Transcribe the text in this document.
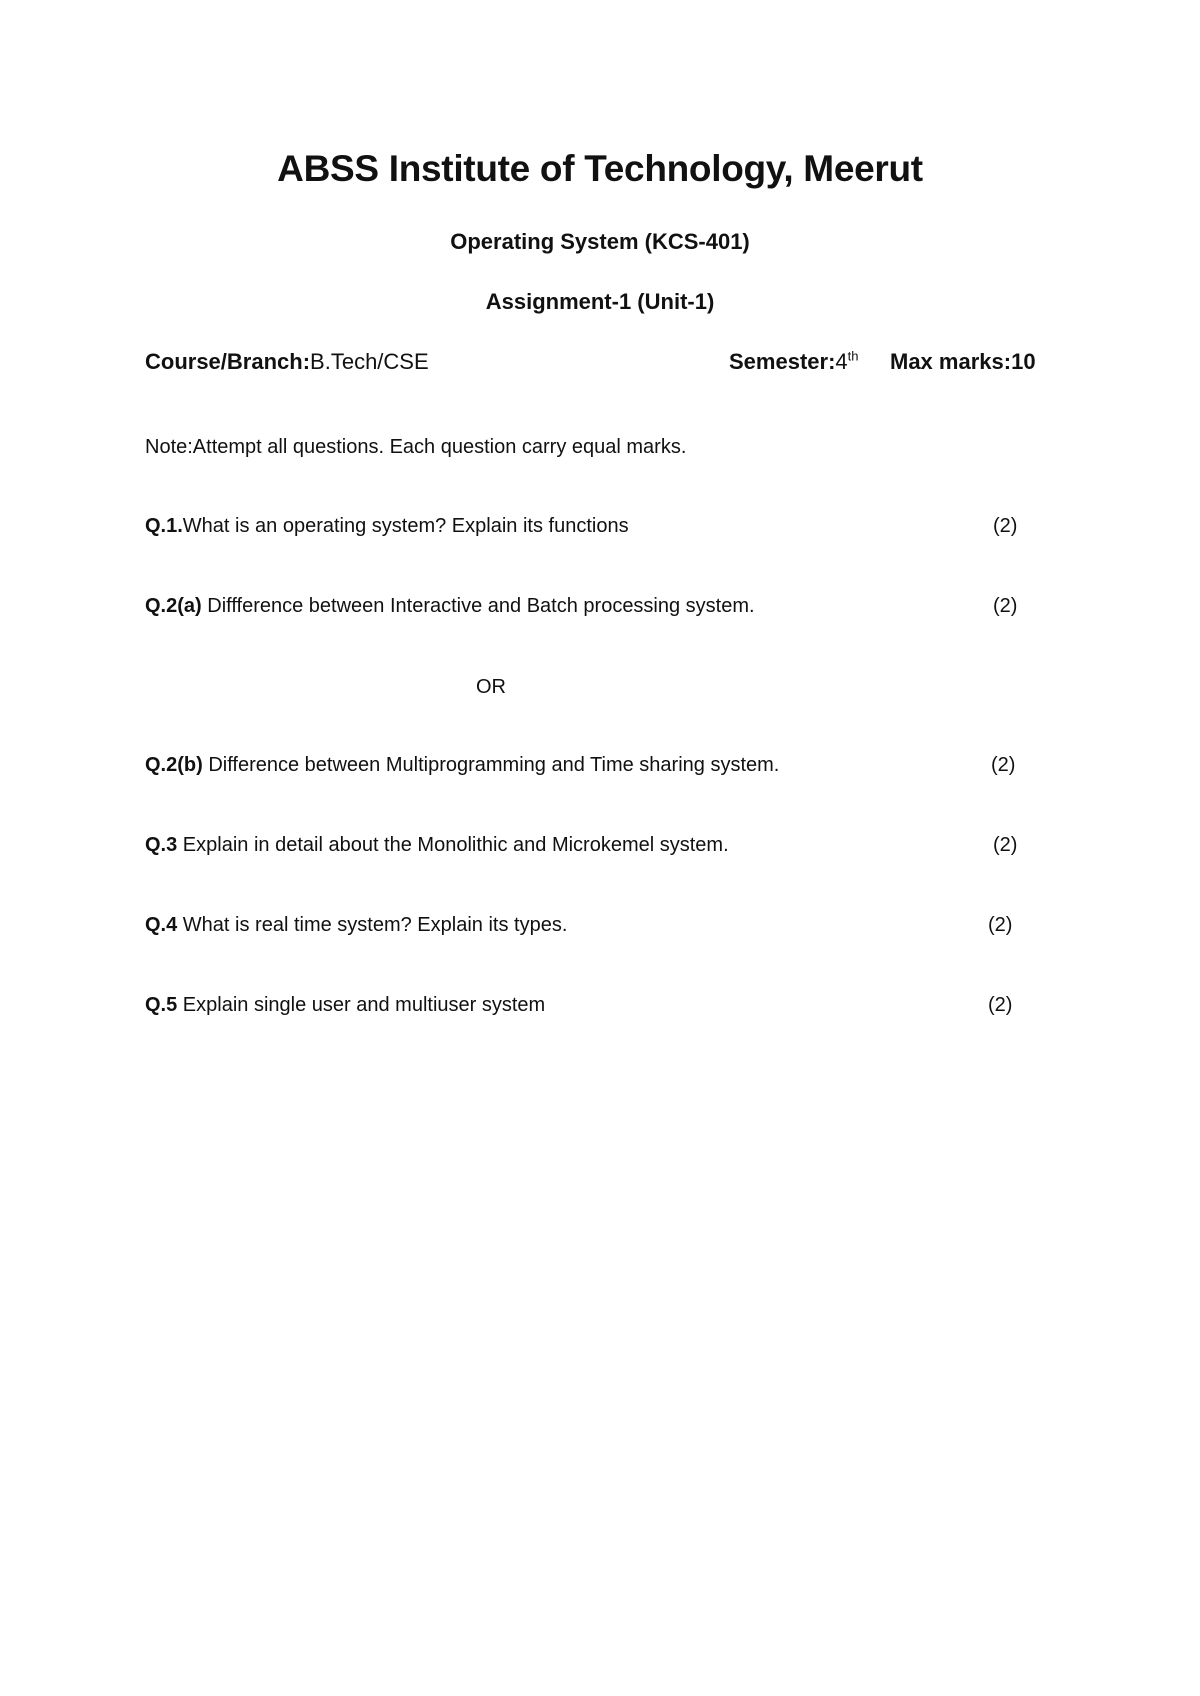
ABSS Institute of Technology, Meerut
Operating System (KCS-401)
Assignment-1 (Unit-1)
Course/Branch:B.Tech/CSE	Semester:4th Max marks:10
Note:Attempt all questions. Each question carry equal marks.
Q.1.What is an operating system? Explain its functions	(2)
Q.2(a) Diffference between Interactive and Batch processing system.	(2)
OR
Q.2(b) Difference between Multiprogramming and Time sharing system.	(2)
Q.3 Explain in detail about the Monolithic and Microkemel system.	(2)
Q.4 What is real time system? Explain its types.	(2)
Q.5 Explain single user and multiuser system	(2)
